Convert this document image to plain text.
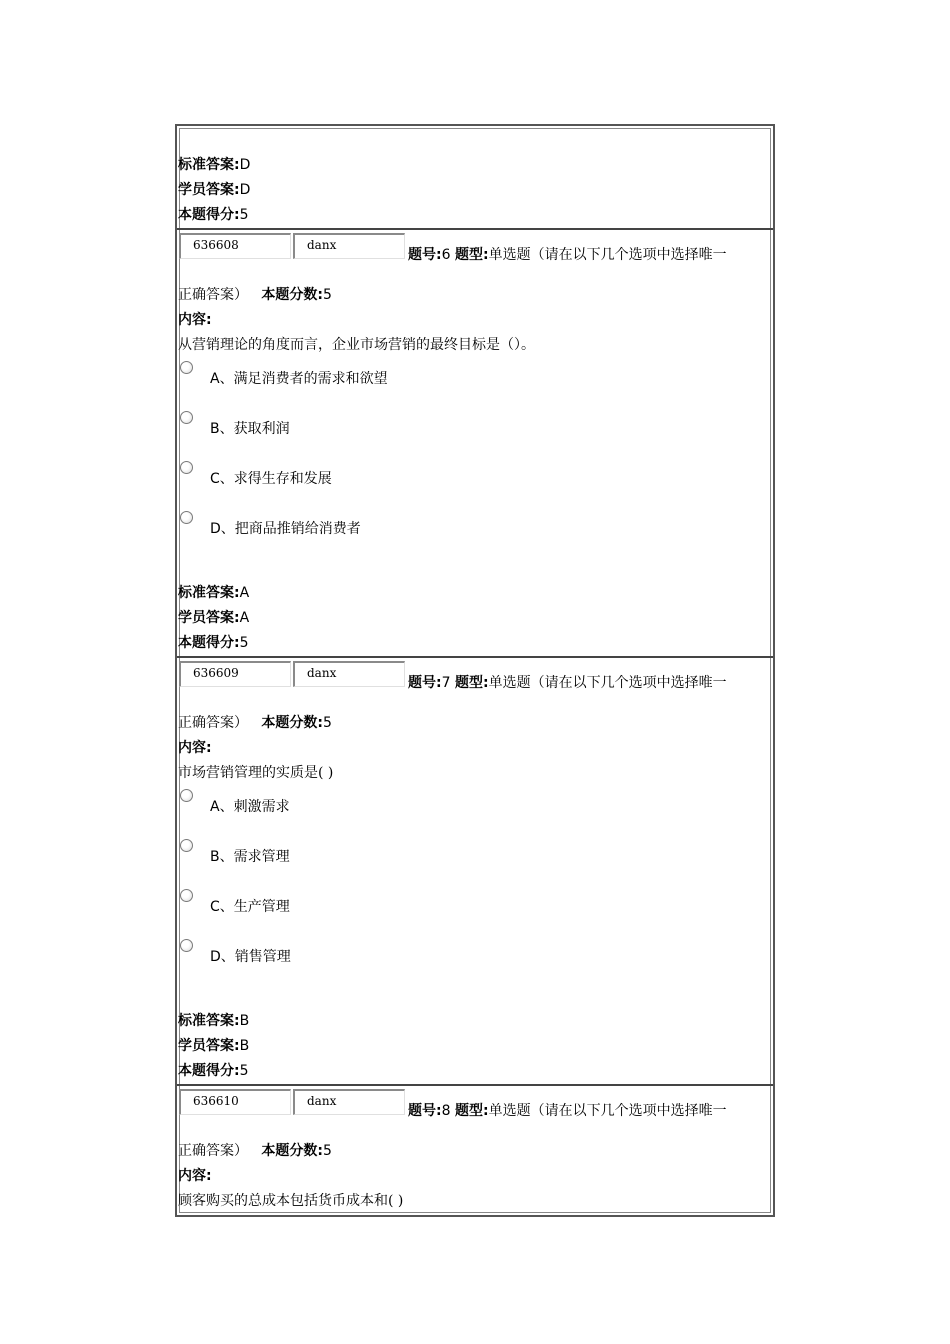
标准答案:D
学员答案:D
本题得分:5
636608	danx
题号:6 题型:单选题（请在以下几个选项中选择唯一
正确答案） 本题分数:5
内容:
从营销理论的角度而言，企业市场营销的最终目标是（）。
A、满足消费者的需求和欲望
B、获取利润
C、求得生存和发展
D、把商品推销给消费者
标准答案:A
学员答案:A
本题得分:5
636609	danx
题号:7 题型:单选题（请在以下几个选项中选择唯一
正确答案） 本题分数:5
内容:
市场营销管理的实质是( )
A、刺激需求
B、需求管理
C、生产管理
D、销售管理
标准答案:B
学员答案:B
本题得分:5
636610	danx
题号:8 题型:单选题（请在以下几个选项中选择唯一
正确答案） 本题分数:5
内容:
顾客购买的总成本包括货币成本和( )
